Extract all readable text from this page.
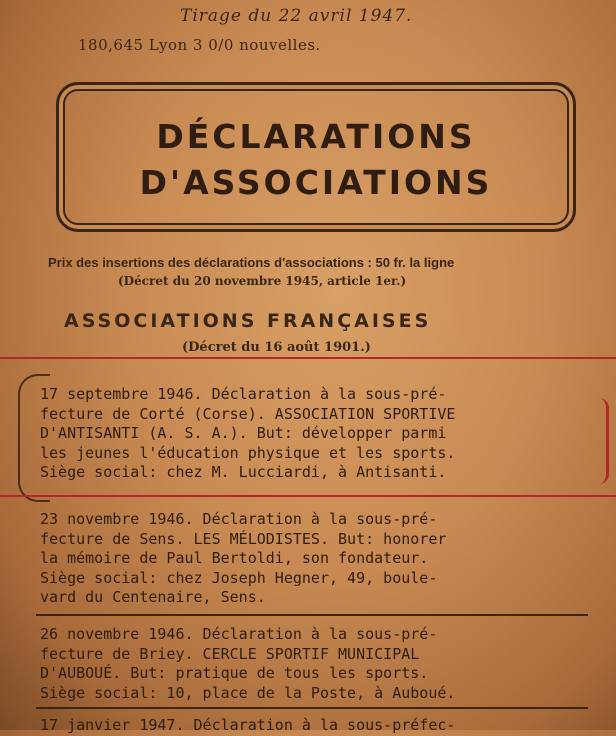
Tirage du 22 avril 1947.
180,645 Lyon 3 0/0 nouvelles.
DÉCLARATIONS
D'ASSOCIATIONS
Prix des insertions des déclarations d'associations : 50 fr. la ligne
(Décret du 20 novembre 1945, article 1er.)
ASSOCIATIONS FRANÇAISES
(Décret du 16 août 1901.)

17 septembre 1946. Déclaration à la sous-pré-

fecture de Corté (Corse). ASSOCIATION SPORTIVE

D'ANTISANTI (A. S. A.). But: développer parmi

les jeunes l'éducation physique et les sports.

Siège social: chez M. Lucciardi, à Antisanti.

23 novembre 1946. Déclaration à la sous-pré-

fecture de Sens. LES MÉLODISTES. But: honorer

la mémoire de Paul Bertoldi, son fondateur.

Siège social: chez Joseph Hegner, 49, boule-

vard du Centenaire, Sens.

26 novembre 1946. Déclaration à la sous-pré-

fecture de Briey. CERCLE SPORTIF MUNICIPAL

D'AUBOUÉ. But: pratique de tous les sports.

Siège social: 10, place de la Poste, à Auboué.

17 janvier 1947. Déclaration à la sous-préfec-
